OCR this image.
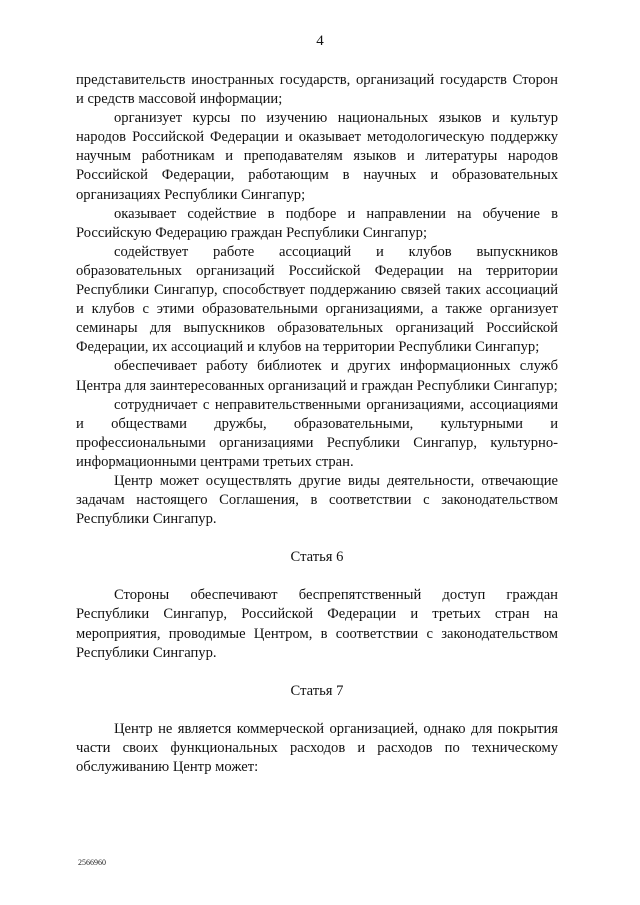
4

представительств иностранных государств, организаций государств Сторон и средств массовой информации;

организует курсы по изучению национальных языков и культур народов Российской Федерации и оказывает методологическую поддержку научным работникам и преподавателям языков и литературы народов Российской Федерации, работающим в научных и образовательных организациях Республики Сингапур;

оказывает содействие в подборе и направлении на обучение в Российскую Федерацию граждан Республики Сингапур;

содействует работе ассоциаций и клубов выпускников образовательных организаций Российской Федерации на территории Республики Сингапур, способствует поддержанию связей таких ассоциаций и клубов с этими образовательными организациями, а также организует семинары для выпускников образовательных организаций Российской Федерации, их ассоциаций и клубов на территории Республики Сингапур;

обеспечивает работу библиотек и других информационных служб Центра для заинтересованных организаций и граждан Республики Сингапур;

сотрудничает с неправительственными организациями, ассоциациями и обществами дружбы, образовательными, культурными и профессиональными организациями Республики Сингапур, культурно-информационными центрами третьих стран.

Центр может осуществлять другие виды деятельности, отвечающие задачам настоящего Соглашения, в соответствии с законодательством Республики Сингапур.

Статья 6

Стороны обеспечивают беспрепятственный доступ граждан Республики Сингапур, Российской Федерации и третьих стран на мероприятия, проводимые Центром, в соответствии с законодательством Республики Сингапур.

Статья 7

Центр не является коммерческой организацией, однако для покрытия части своих функциональных расходов и расходов по техническому обслуживанию Центр может:

2566960
